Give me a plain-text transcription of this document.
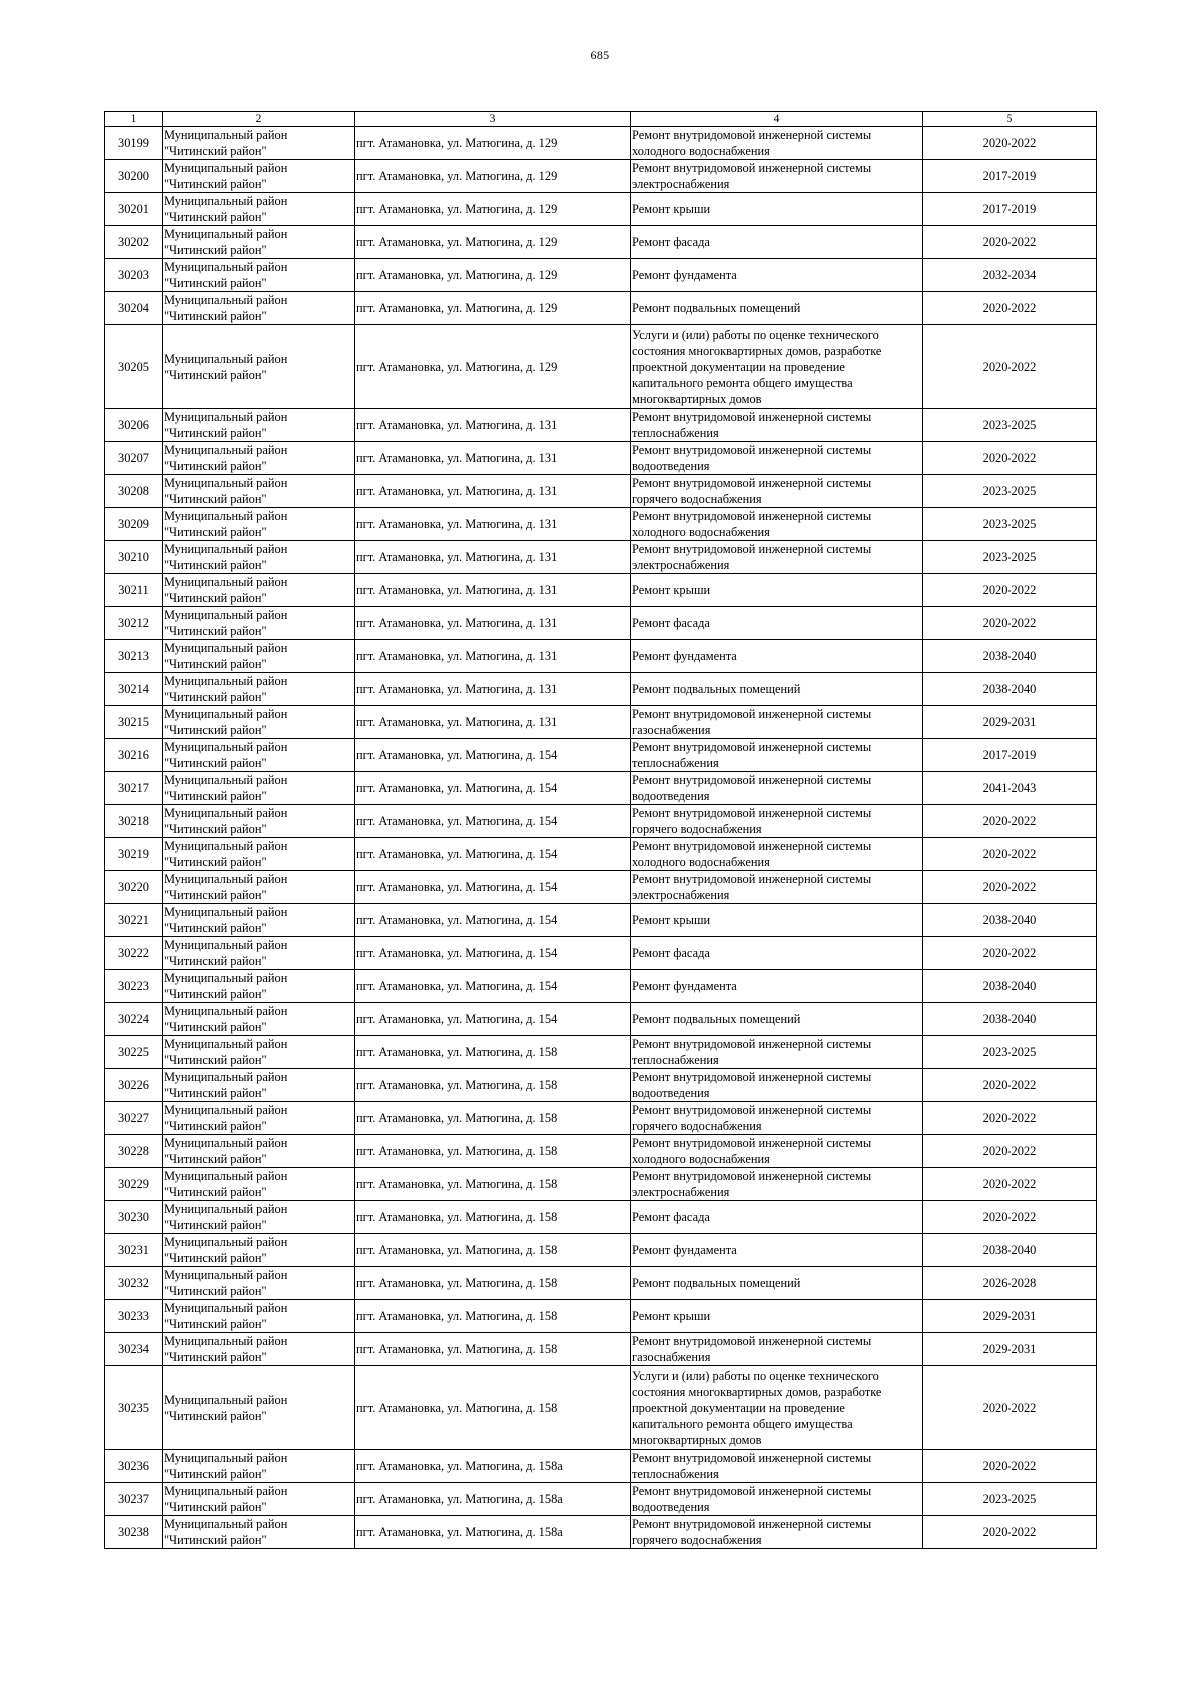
685
1	2	3	4	5
30199	Муниципальный район
"Читинский район"	пгт. Атамановка, ул. Матюгина, д. 129	Ремонт внутридомовой инженерной системы
холодного водоснабжения	2020-2022
30200	Муниципальный район
"Читинский район"	пгт. Атамановка, ул. Матюгина, д. 129	Ремонт внутридомовой инженерной системы
электроснабжения	2017-2019
30201	Муниципальный район
"Читинский район"	пгт. Атамановка, ул. Матюгина, д. 129	Ремонт крыши	2017-2019
30202	Муниципальный район
"Читинский район"	пгт. Атамановка, ул. Матюгина, д. 129	Ремонт фасада	2020-2022
30203	Муниципальный район
"Читинский район"	пгт. Атамановка, ул. Матюгина, д. 129	Ремонт фундамента	2032-2034
30204	Муниципальный район
"Читинский район"	пгт. Атамановка, ул. Матюгина, д. 129	Ремонт подвальных помещений	2020-2022
30205	Муниципальный район
"Читинский район"	пгт. Атамановка, ул. Матюгина, д. 129	Услуги и (или) работы по оценке технического
состояния многоквартирных домов, разработке
проектной документации на проведение
капитального ремонта общего имущества
многоквартирных домов	2020-2022
30206	Муниципальный район
"Читинский район"	пгт. Атамановка, ул. Матюгина, д. 131	Ремонт внутридомовой инженерной системы
теплоснабжения	2023-2025
30207	Муниципальный район
"Читинский район"	пгт. Атамановка, ул. Матюгина, д. 131	Ремонт внутридомовой инженерной системы
водоотведения	2020-2022
30208	Муниципальный район
"Читинский район"	пгт. Атамановка, ул. Матюгина, д. 131	Ремонт внутридомовой инженерной системы
горячего водоснабжения	2023-2025
30209	Муниципальный район
"Читинский район"	пгт. Атамановка, ул. Матюгина, д. 131	Ремонт внутридомовой инженерной системы
холодного водоснабжения	2023-2025
30210	Муниципальный район
"Читинский район"	пгт. Атамановка, ул. Матюгина, д. 131	Ремонт внутридомовой инженерной системы
электроснабжения	2023-2025
30211	Муниципальный район
"Читинский район"	пгт. Атамановка, ул. Матюгина, д. 131	Ремонт крыши	2020-2022
30212	Муниципальный район
"Читинский район"	пгт. Атамановка, ул. Матюгина, д. 131	Ремонт фасада	2020-2022
30213	Муниципальный район
"Читинский район"	пгт. Атамановка, ул. Матюгина, д. 131	Ремонт фундамента	2038-2040
30214	Муниципальный район
"Читинский район"	пгт. Атамановка, ул. Матюгина, д. 131	Ремонт подвальных помещений	2038-2040
30215	Муниципальный район
"Читинский район"	пгт. Атамановка, ул. Матюгина, д. 131	Ремонт внутридомовой инженерной системы
газоснабжения	2029-2031
30216	Муниципальный район
"Читинский район"	пгт. Атамановка, ул. Матюгина, д. 154	Ремонт внутридомовой инженерной системы
теплоснабжения	2017-2019
30217	Муниципальный район
"Читинский район"	пгт. Атамановка, ул. Матюгина, д. 154	Ремонт внутридомовой инженерной системы
водоотведения	2041-2043
30218	Муниципальный район
"Читинский район"	пгт. Атамановка, ул. Матюгина, д. 154	Ремонт внутридомовой инженерной системы
горячего водоснабжения	2020-2022
30219	Муниципальный район
"Читинский район"	пгт. Атамановка, ул. Матюгина, д. 154	Ремонт внутридомовой инженерной системы
холодного водоснабжения	2020-2022
30220	Муниципальный район
"Читинский район"	пгт. Атамановка, ул. Матюгина, д. 154	Ремонт внутридомовой инженерной системы
электроснабжения	2020-2022
30221	Муниципальный район
"Читинский район"	пгт. Атамановка, ул. Матюгина, д. 154	Ремонт крыши	2038-2040
30222	Муниципальный район
"Читинский район"	пгт. Атамановка, ул. Матюгина, д. 154	Ремонт фасада	2020-2022
30223	Муниципальный район
"Читинский район"	пгт. Атамановка, ул. Матюгина, д. 154	Ремонт фундамента	2038-2040
30224	Муниципальный район
"Читинский район"	пгт. Атамановка, ул. Матюгина, д. 154	Ремонт подвальных помещений	2038-2040
30225	Муниципальный район
"Читинский район"	пгт. Атамановка, ул. Матюгина, д. 158	Ремонт внутридомовой инженерной системы
теплоснабжения	2023-2025
30226	Муниципальный район
"Читинский район"	пгт. Атамановка, ул. Матюгина, д. 158	Ремонт внутридомовой инженерной системы
водоотведения	2020-2022
30227	Муниципальный район
"Читинский район"	пгт. Атамановка, ул. Матюгина, д. 158	Ремонт внутридомовой инженерной системы
горячего водоснабжения	2020-2022
30228	Муниципальный район
"Читинский район"	пгт. Атамановка, ул. Матюгина, д. 158	Ремонт внутридомовой инженерной системы
холодного водоснабжения	2020-2022
30229	Муниципальный район
"Читинский район"	пгт. Атамановка, ул. Матюгина, д. 158	Ремонт внутридомовой инженерной системы
электроснабжения	2020-2022
30230	Муниципальный район
"Читинский район"	пгт. Атамановка, ул. Матюгина, д. 158	Ремонт фасада	2020-2022
30231	Муниципальный район
"Читинский район"	пгт. Атамановка, ул. Матюгина, д. 158	Ремонт фундамента	2038-2040
30232	Муниципальный район
"Читинский район"	пгт. Атамановка, ул. Матюгина, д. 158	Ремонт подвальных помещений	2026-2028
30233	Муниципальный район
"Читинский район"	пгт. Атамановка, ул. Матюгина, д. 158	Ремонт крыши	2029-2031
30234	Муниципальный район
"Читинский район"	пгт. Атамановка, ул. Матюгина, д. 158	Ремонт внутридомовой инженерной системы
газоснабжения	2029-2031
30235	Муниципальный район
"Читинский район"	пгт. Атамановка, ул. Матюгина, д. 158	Услуги и (или) работы по оценке технического
состояния многоквартирных домов, разработке
проектной документации на проведение
капитального ремонта общего имущества
многоквартирных домов	2020-2022
30236	Муниципальный район
"Читинский район"	пгт. Атамановка, ул. Матюгина, д. 158а	Ремонт внутридомовой инженерной системы
теплоснабжения	2020-2022
30237	Муниципальный район
"Читинский район"	пгт. Атамановка, ул. Матюгина, д. 158а	Ремонт внутридомовой инженерной системы
водоотведения	2023-2025
30238	Муниципальный район
"Читинский район"	пгт. Атамановка, ул. Матюгина, д. 158а	Ремонт внутридомовой инженерной системы
горячего водоснабжения	2020-2022
